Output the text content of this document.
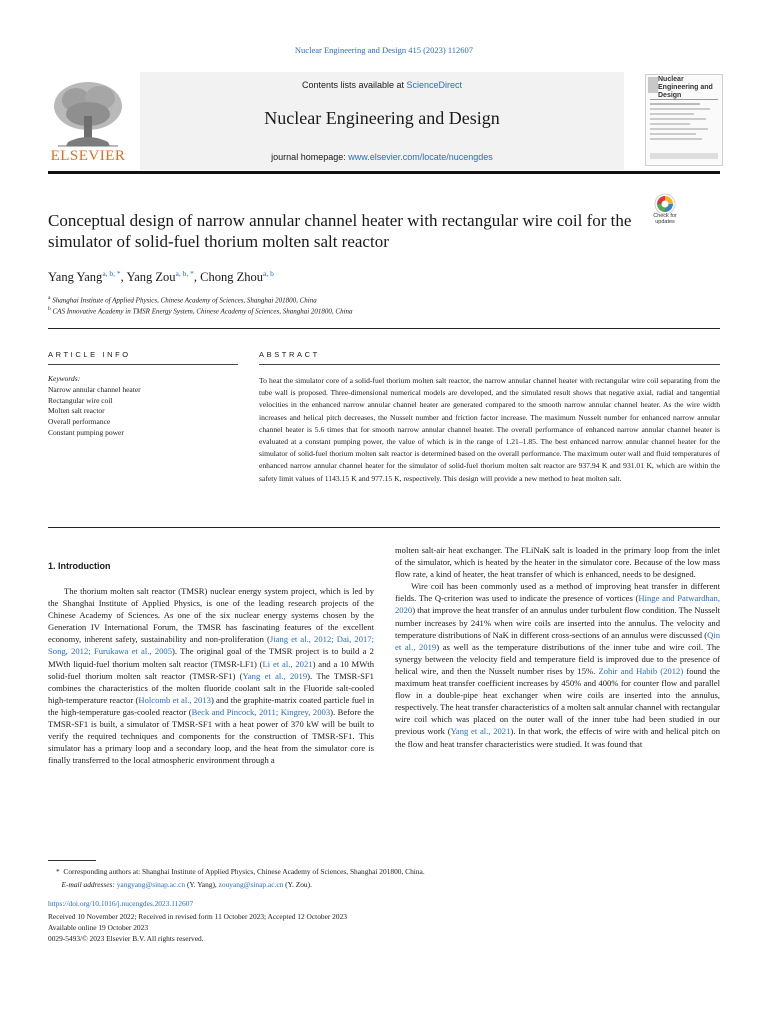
Nuclear Engineering and Design 415 (2023) 112607
ELSEVIER
Contents lists available at ScienceDirect
Nuclear Engineering and Design
journal homepage: www.elsevier.com/locate/nucengdes
Nuclear Engineering and Design
Conceptual design of narrow annular channel heater with rectangular wire coil for the simulator of solid-fuel thorium molten salt reactor
Check for updates
Yang Yang$^{a, b, *}$, Yang Zou$^{a, b, *}$, Chong Zhou$^{a, b}$
$^a$ Shanghai Institute of Applied Physics, Chinese Academy of Sciences, Shanghai 201800, China
$^b$ CAS Innovative Academy in TMSR Energy System, Chinese Academy of Sciences, Shanghai 201800, China
ARTICLE INFO	ABSTRACT
Keywords:
Narrow annular channel heater
Rectangular wire coil
Molten salt reactor
Overall performance
Constant pumping power
To heat the simulator core of a solid-fuel thorium molten salt reactor, the narrow annular channel heater with rectangular wire coil separating from the tube wall is proposed. Three-dimensional numerical models are developed, and the simulated result shows that negative axial, radial and tangential velocities in the enhanced narrow annular channel heater are generated compared to the smooth narrow annular channel heater. As the wire width increases and helical pitch decreases, the Nusselt number and friction factor increase. The maximum Nusselt number for enhanced narrow annular channel heater is 5.6 times that for smooth narrow annular channel heater. The overall performance of enhanced narrow annular channel heater is evaluated at a constant pumping power, the value of which is in the range of 1.21–1.85. The best enhanced narrow annular channel heater for the simulator of solid-fuel thorium molten salt reactor is determined based on the overall performance. The maximum outer wall and fluid temperatures of enhanced narrow annular channel heater for the simulator of solid-fuel thorium molten salt reactor are 937.94 K and 931.01 K, which are within the safety limit values of 1143.15 K and 977.15 K, respectively. This design will provide a new method to heat molten salt.
1. Introduction
The thorium molten salt reactor (TMSR) nuclear energy system project, which is led by the Shanghai Institute of Applied Physics, is one of the leading research projects of the Chinese Academy of Sciences. As one of the six nuclear energy systems chosen by the Generation IV International Forum, the TMSR has fascinating features of the excellent economy, inherent safety, sustainability and non-proliferation (Jiang et al., 2012; Dai, 2017; Song, 2012; Furukawa et al., 2005). The original goal of the TMSR project is to build a 2 MWth liquid-fuel thorium molten salt reactor (TMSR-LF1) (Li et al., 2021) and a 10 MWth solid-fuel thorium molten salt reactor (TMSR-SF1) (Yang et al., 2019). The TMSR-SF1 combines the characteristics of the molten fluoride coolant salt in the Fluoride salt-cooled high-temperature reactor (Holcomb et al., 2013) and the graphite-matrix coated particle fuel in the high-temperature gas-cooled reactor (Beck and Pincock, 2011; Kingrey, 2003). Before the TMSR-SF1 is built, a simulator of TMSR-SF1 with a heat power of 370 kW will be built to verify the required techniques and components for the construction of TMSR-SF1. This simulator has a primary loop and a secondary loop, and the heat from the simulator core is finally transferred to the local atmospheric environment through a
molten salt-air heat exchanger. The FLiNaK salt is loaded in the primary loop from the inlet of the simulator, which is heated by the heater in the simulator core. Because of the low mass flow rate, a kind of heater, the heat transfer of which is enhanced, needs to be designed.
Wire coil has been commonly used as a method of improving heat transfer in different fields. The Q-criterion was used to indicate the presence of vortices (Hinge and Patwardhan, 2020) that improve the heat transfer of an annulus under turbulent flow condition. The Nusselt number increases by 241% when wire coils are inserted into the annulus. The velocity and temperature distributions of NaK in different cross-sections of an annulus were discussed (Qin et al., 2019) as well as the temperature distributions of the inner tube and wire coil. The synergy between the velocity field and temperature field is improved due to the presence of helical wire, and then the Nusselt number rises by 15%. Zohir and Habib (2012) found the maximum heat transfer coefficient increases by 450% and 400% for counter flow and parallel flow in a double-pipe heat exchanger when wire coils are inserted into the annulus, respectively. The heat transfer characteristics of a molten salt annular channel with rectangular wire coil which was placed on the outer wall of the inner tube had been studied in our previous work (Yang et al., 2021). In that work, the effects of wire with and helical pitch on the flow and heat transfer characteristics were studied. It was found that
* Corresponding authors at: Shanghai Institute of Applied Physics, Chinese Academy of Sciences, Shanghai 201800, China.
E-mail addresses: yangyang@sinap.ac.cn (Y. Yang), zouyang@sinap.ac.cn (Y. Zou).
https://doi.org/10.1016/j.nucengdes.2023.112607
Received 10 November 2022; Received in revised form 11 October 2023; Accepted 12 October 2023
Available online 19 October 2023
0029-5493/© 2023 Elsevier B.V. All rights reserved.
